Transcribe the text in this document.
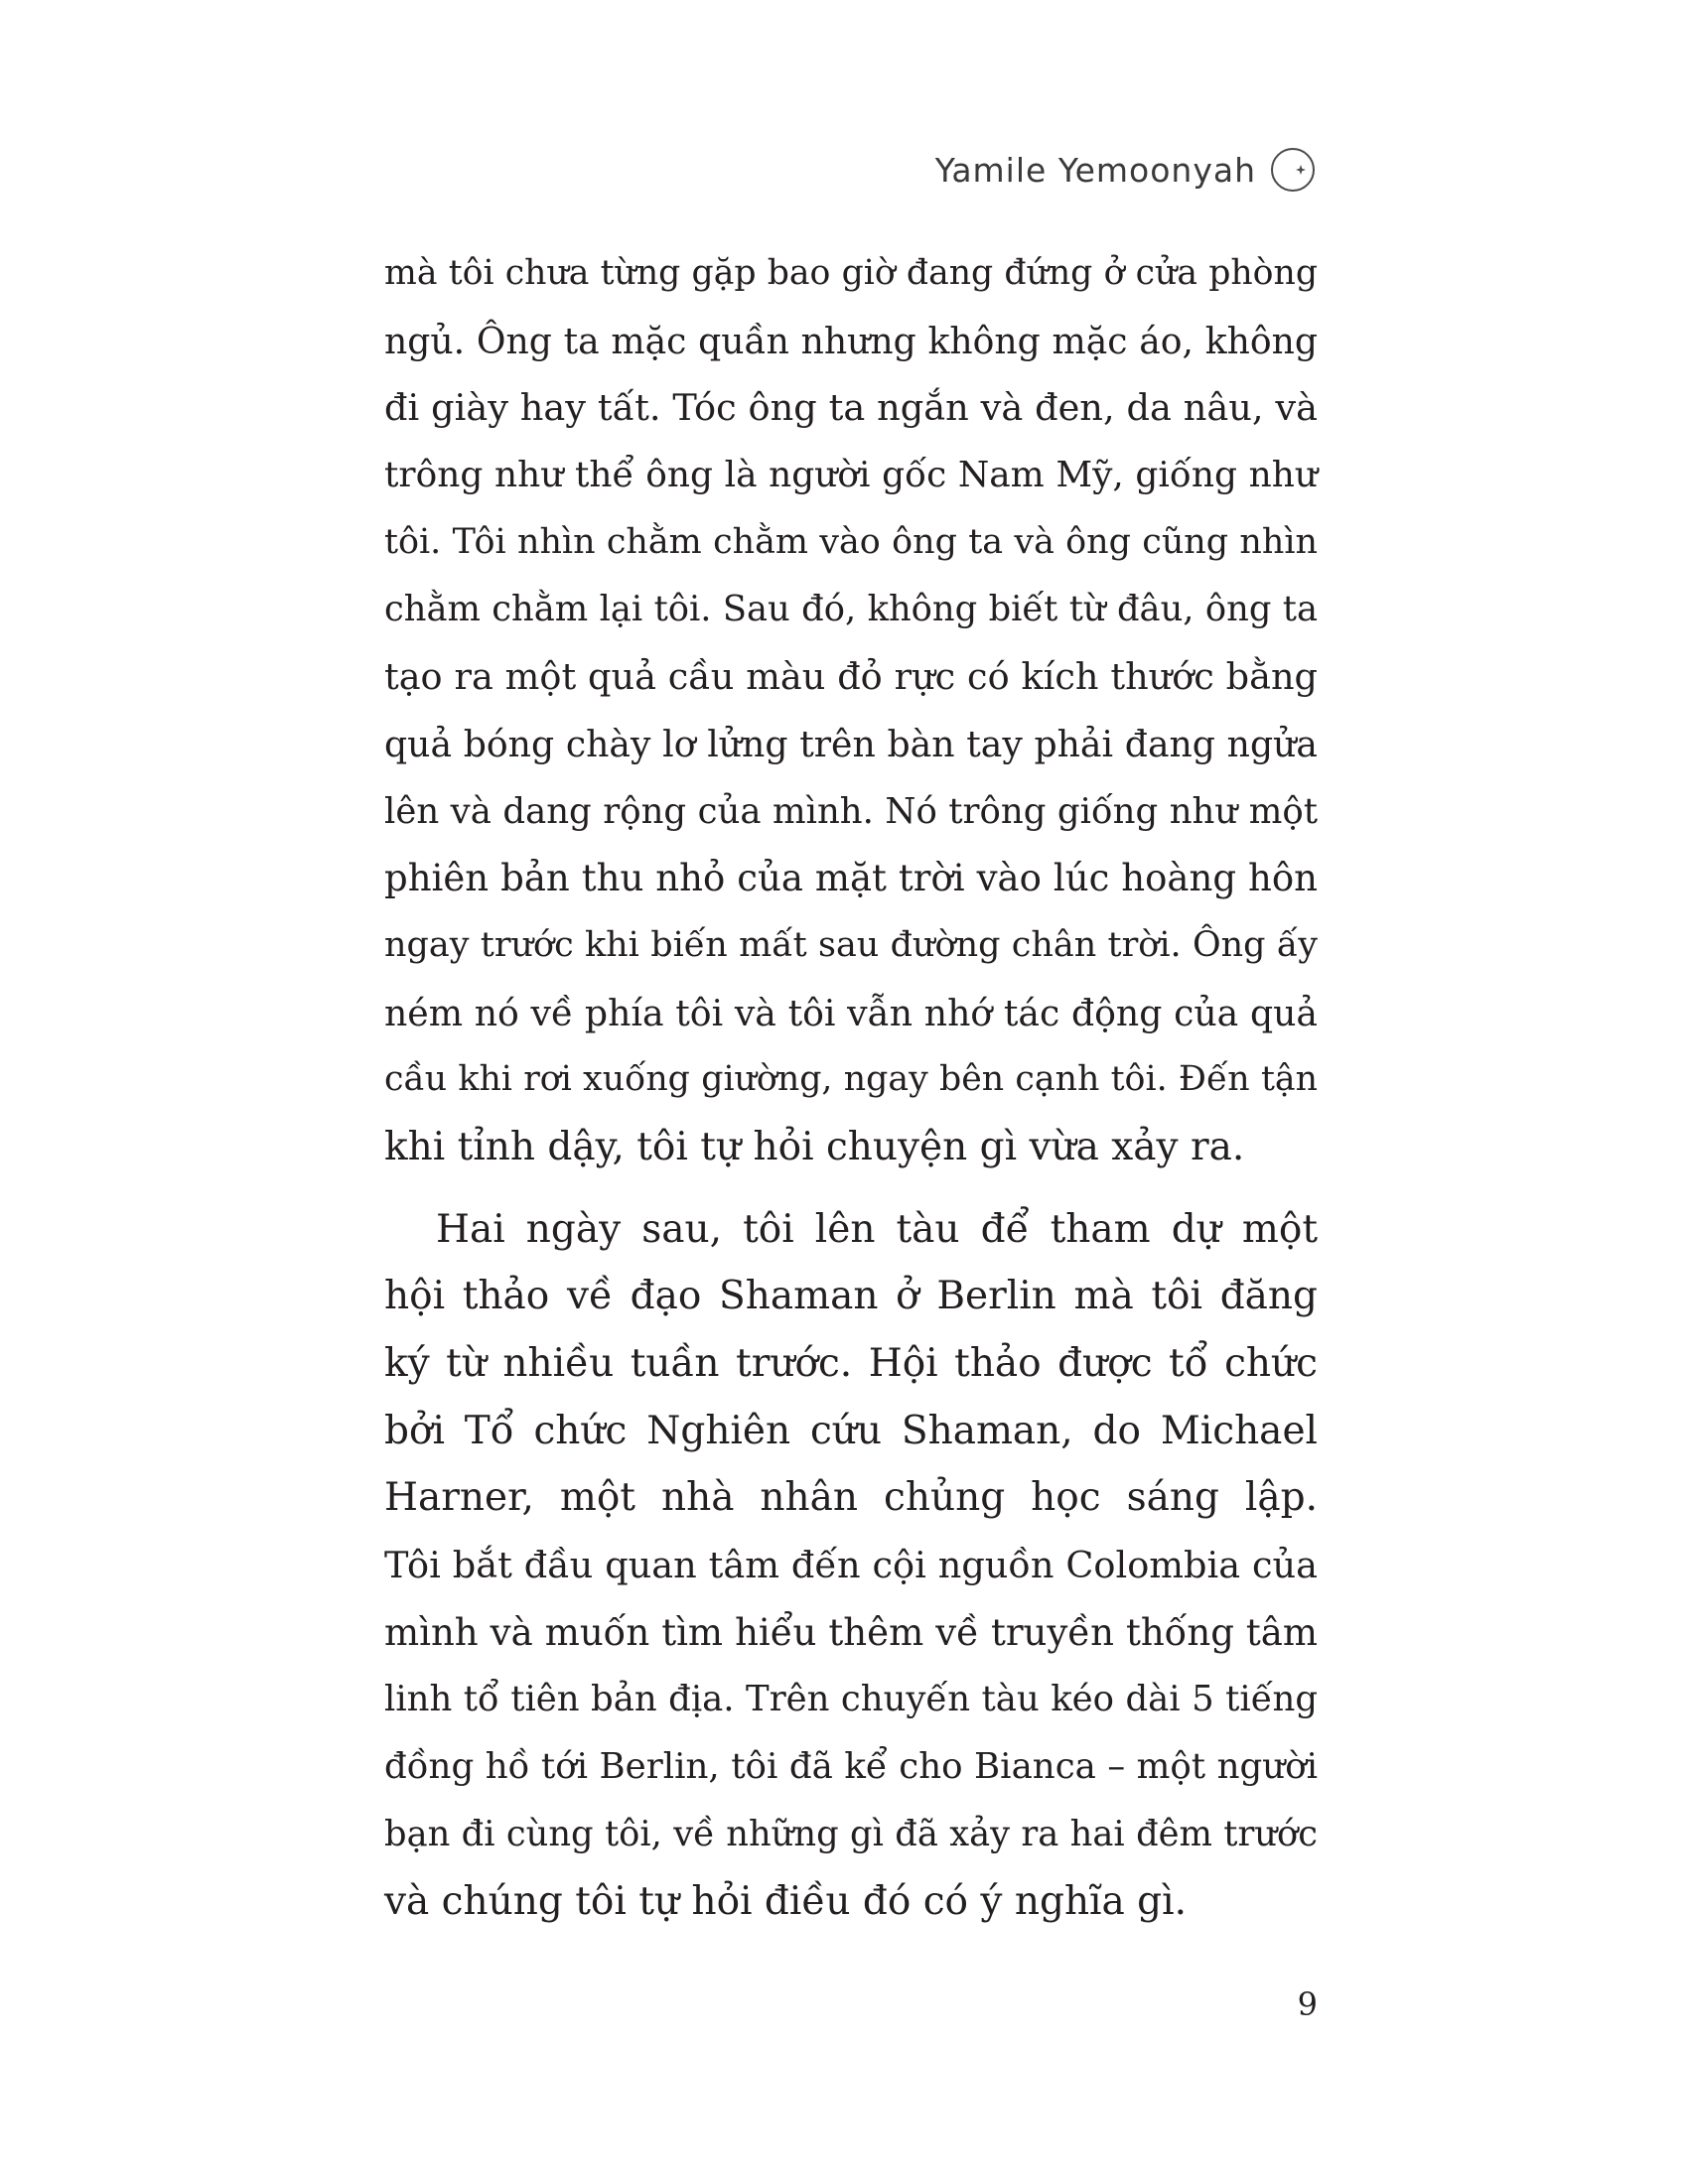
Yamile Yemoonyah
mà tôi chưa từng gặp bao giờ đang đứng ở cửa phòng
ngủ. Ông ta mặc quần nhưng không mặc áo, không
đi giày hay tất. Tóc ông ta ngắn và đen, da nâu, và
trông như thể ông là người gốc Nam Mỹ, giống như
tôi. Tôi nhìn chằm chằm vào ông ta và ông cũng nhìn
chằm chằm lại tôi. Sau đó, không biết từ đâu, ông ta
tạo ra một quả cầu màu đỏ rực có kích thước bằng
quả bóng chày lơ lửng trên bàn tay phải đang ngửa
lên và dang rộng của mình. Nó trông giống như một
phiên bản thu nhỏ của mặt trời vào lúc hoàng hôn
ngay trước khi biến mất sau đường chân trời. Ông ấy
ném nó về phía tôi và tôi vẫn nhớ tác động của quả
cầu khi rơi xuống giường, ngay bên cạnh tôi. Đến tận
khi tỉnh dậy, tôi tự hỏi chuyện gì vừa xảy ra.
Hai ngày sau, tôi lên tàu để tham dự một
hội thảo về đạo Shaman ở Berlin mà tôi đăng
ký từ nhiều tuần trước. Hội thảo được tổ chức
bởi Tổ chức Nghiên cứu Shaman, do Michael
Harner, một nhà nhân chủng học sáng lập.
Tôi bắt đầu quan tâm đến cội nguồn Colombia của
mình và muốn tìm hiểu thêm về truyền thống tâm
linh tổ tiên bản địa. Trên chuyến tàu kéo dài 5 tiếng
đồng hồ tới Berlin, tôi đã kể cho Bianca – một người
bạn đi cùng tôi, về những gì đã xảy ra hai đêm trước
và chúng tôi tự hỏi điều đó có ý nghĩa gì.
9
